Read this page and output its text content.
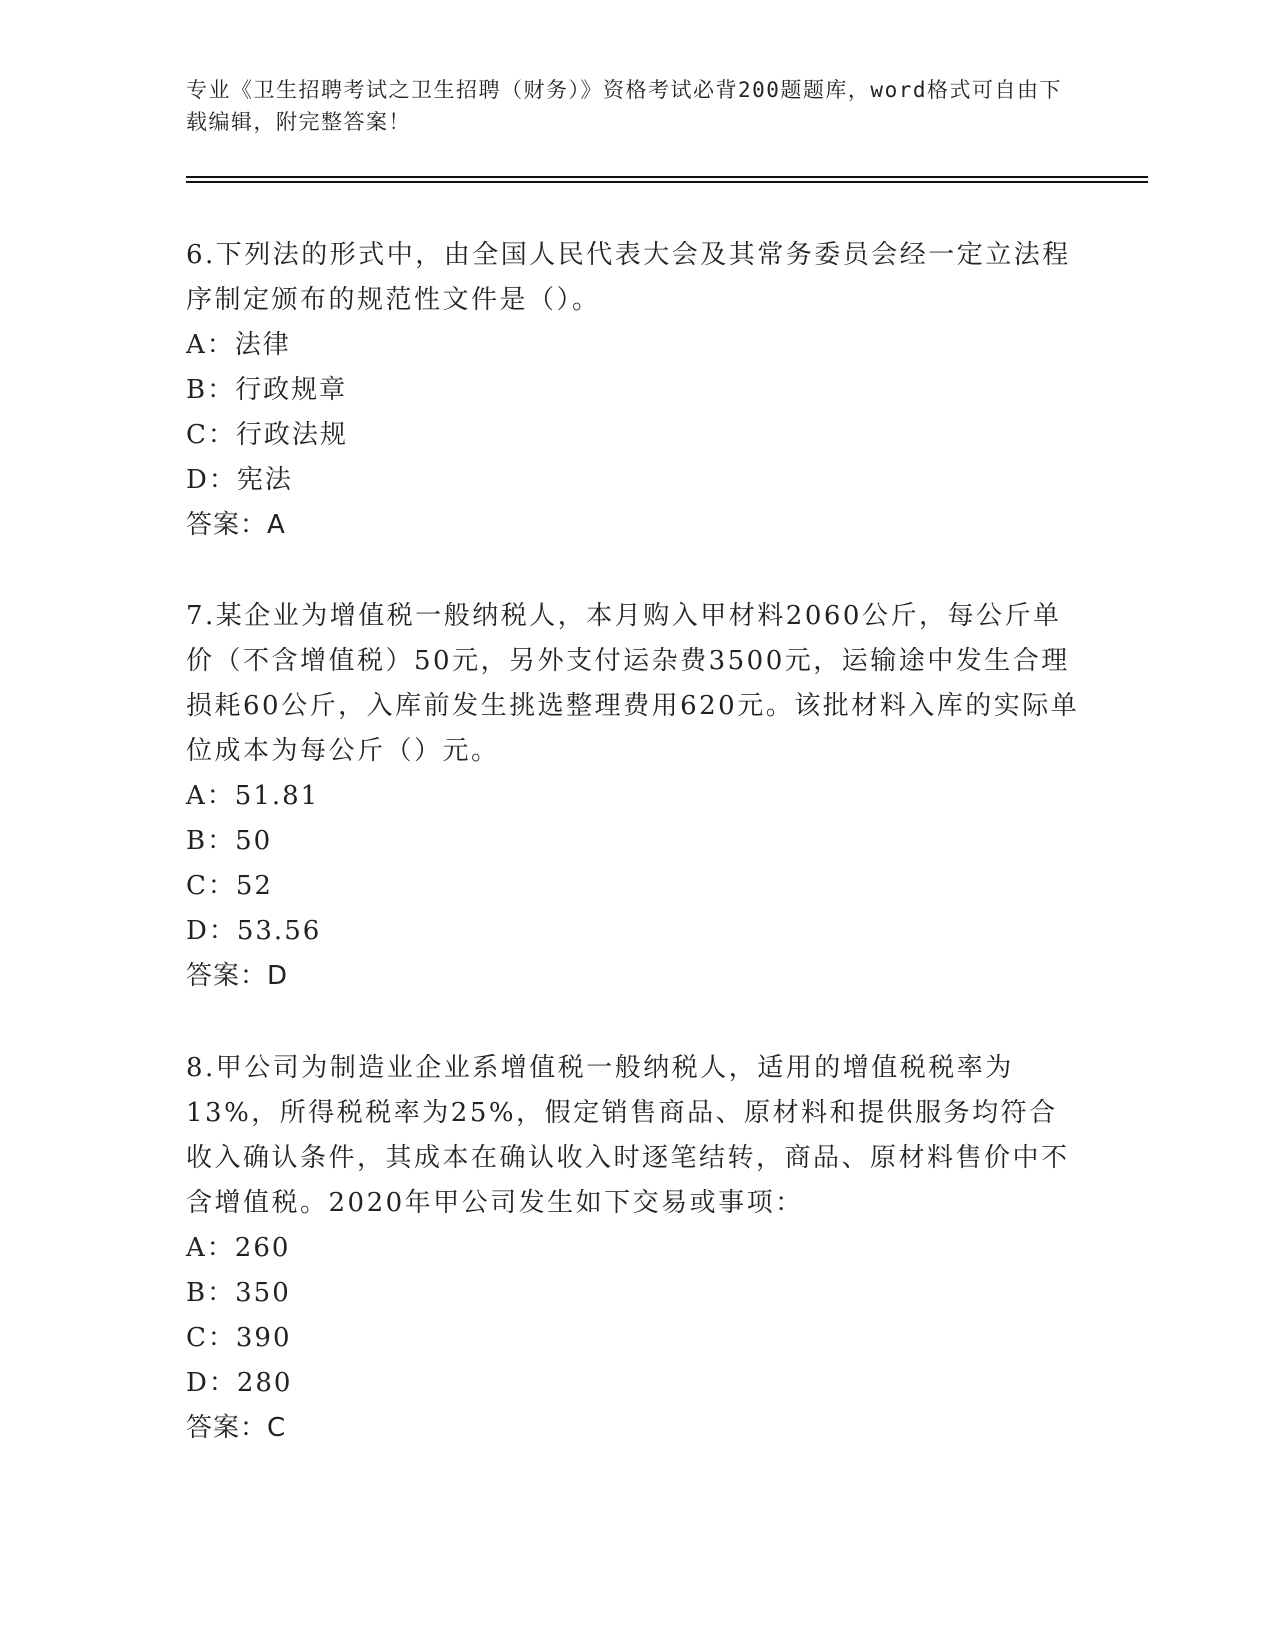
专业《卫生招聘考试之卫生招聘（财务）》资格考试必背200题题库，word格式可自由下载编辑，附完整答案！

6.下列法的形式中，由全国人民代表大会及其常务委员会经一定立法程序制定颁布的规范性文件是（）。

A：法律
B：行政规章
C：行政法规
D：宪法
答案：A

7.某企业为增值税一般纳税人，本月购入甲材料2060公斤，每公斤单价（不含增值税）50元，另外支付运杂费3500元，运输途中发生合理损耗60公斤，入库前发生挑选整理费用620元。该批材料入库的实际单位成本为每公斤（）元。

A：51.81
B：50
C：52
D：53.56
答案：D

8.甲公司为制造业企业系增值税一般纳税人，适用的增值税税率为13%，所得税税率为25%，假定销售商品、原材料和提供服务均符合收入确认条件，其成本在确认收入时逐笔结转，商品、原材料售价中不含增值税。2020年甲公司发生如下交易或事项：

A：260
B：350
C：390
D：280
答案：C
